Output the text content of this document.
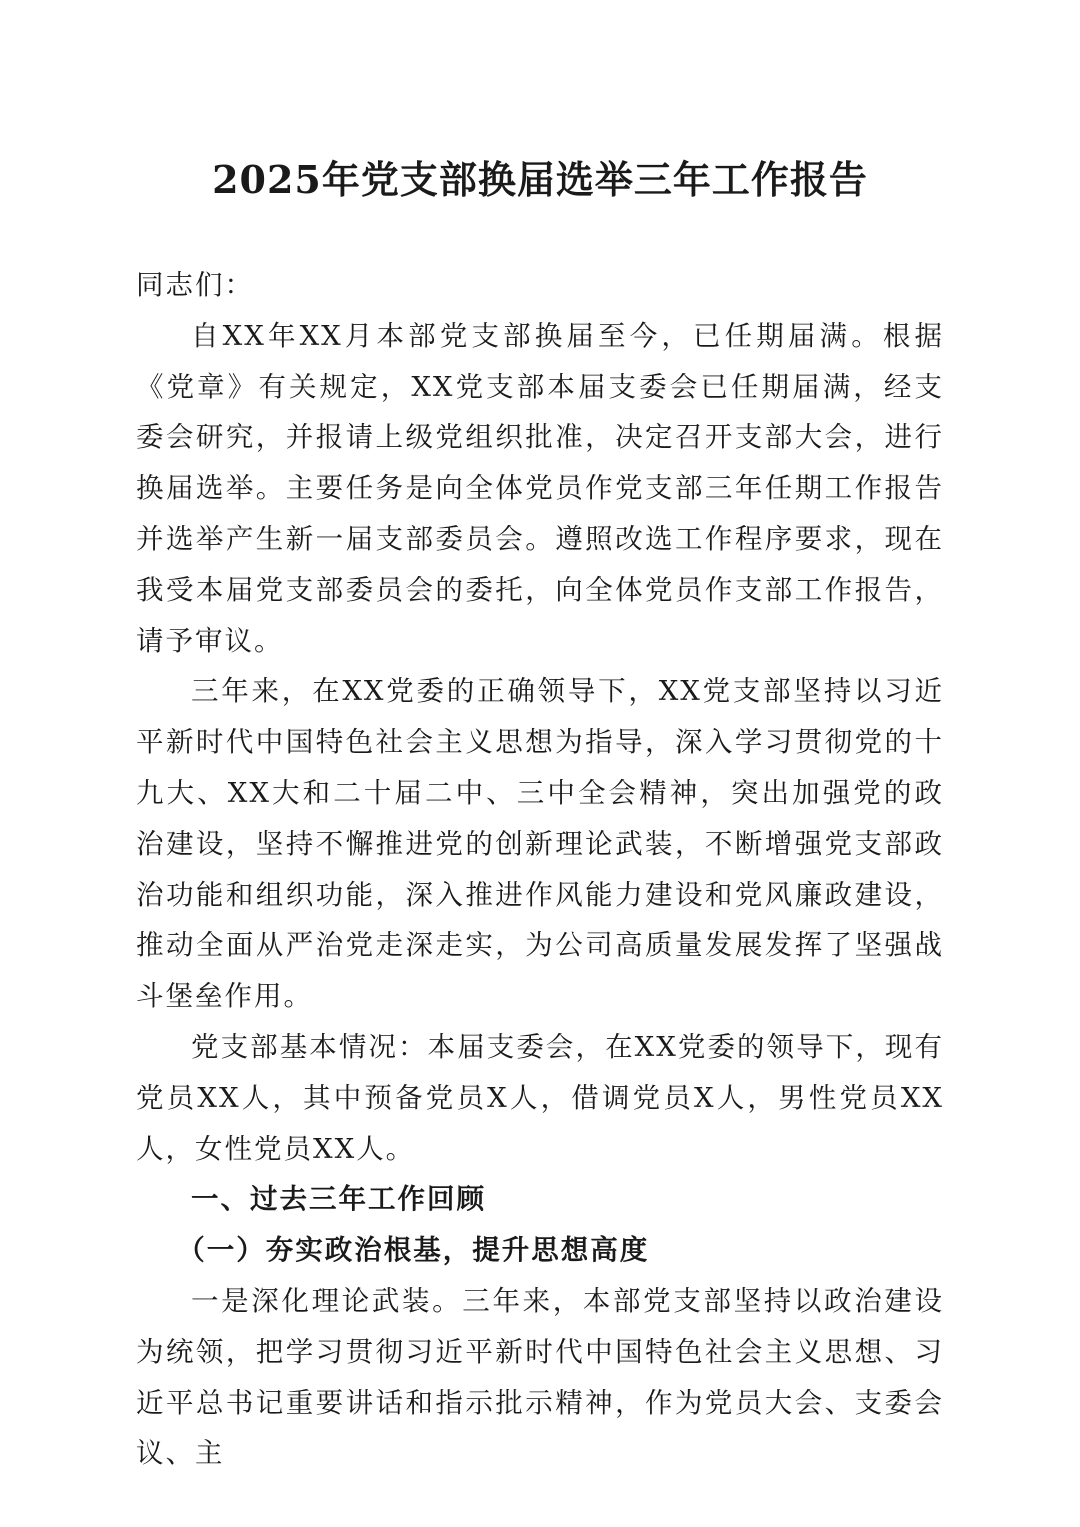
2025年党支部换届选举三年工作报告

同志们：

自XX年XX月本部党支部换届至今，已任期届满。根据《党章》有关规定，XX党支部本届支委会已任期届满，经支委会研究，并报请上级党组织批准，决定召开支部大会，进行换届选举。主要任务是向全体党员作党支部三年任期工作报告并选举产生新一届支部委员会。遵照改选工作程序要求，现在我受本届党支部委员会的委托，向全体党员作支部工作报告，请予审议。

三年来，在XX党委的正确领导下，XX党支部坚持以习近平新时代中国特色社会主义思想为指导，深入学习贯彻党的十九大、XX大和二十届二中、三中全会精神，突出加强党的政治建设，坚持不懈推进党的创新理论武装，不断增强党支部政治功能和组织功能，深入推进作风能力建设和党风廉政建设，推动全面从严治党走深走实，为公司高质量发展发挥了坚强战斗堡垒作用。

党支部基本情况：本届支委会，在XX党委的领导下，现有党员XX人，其中预备党员X人，借调党员X人，男性党员XX人，女性党员XX人。

一、过去三年工作回顾

（一）夯实政治根基，提升思想高度

一是深化理论武装。三年来，本部党支部坚持以政治建设为统领，把学习贯彻习近平新时代中国特色社会主义思想、习近平总书记重要讲话和指示批示精神，作为党员大会、支委会议、主
